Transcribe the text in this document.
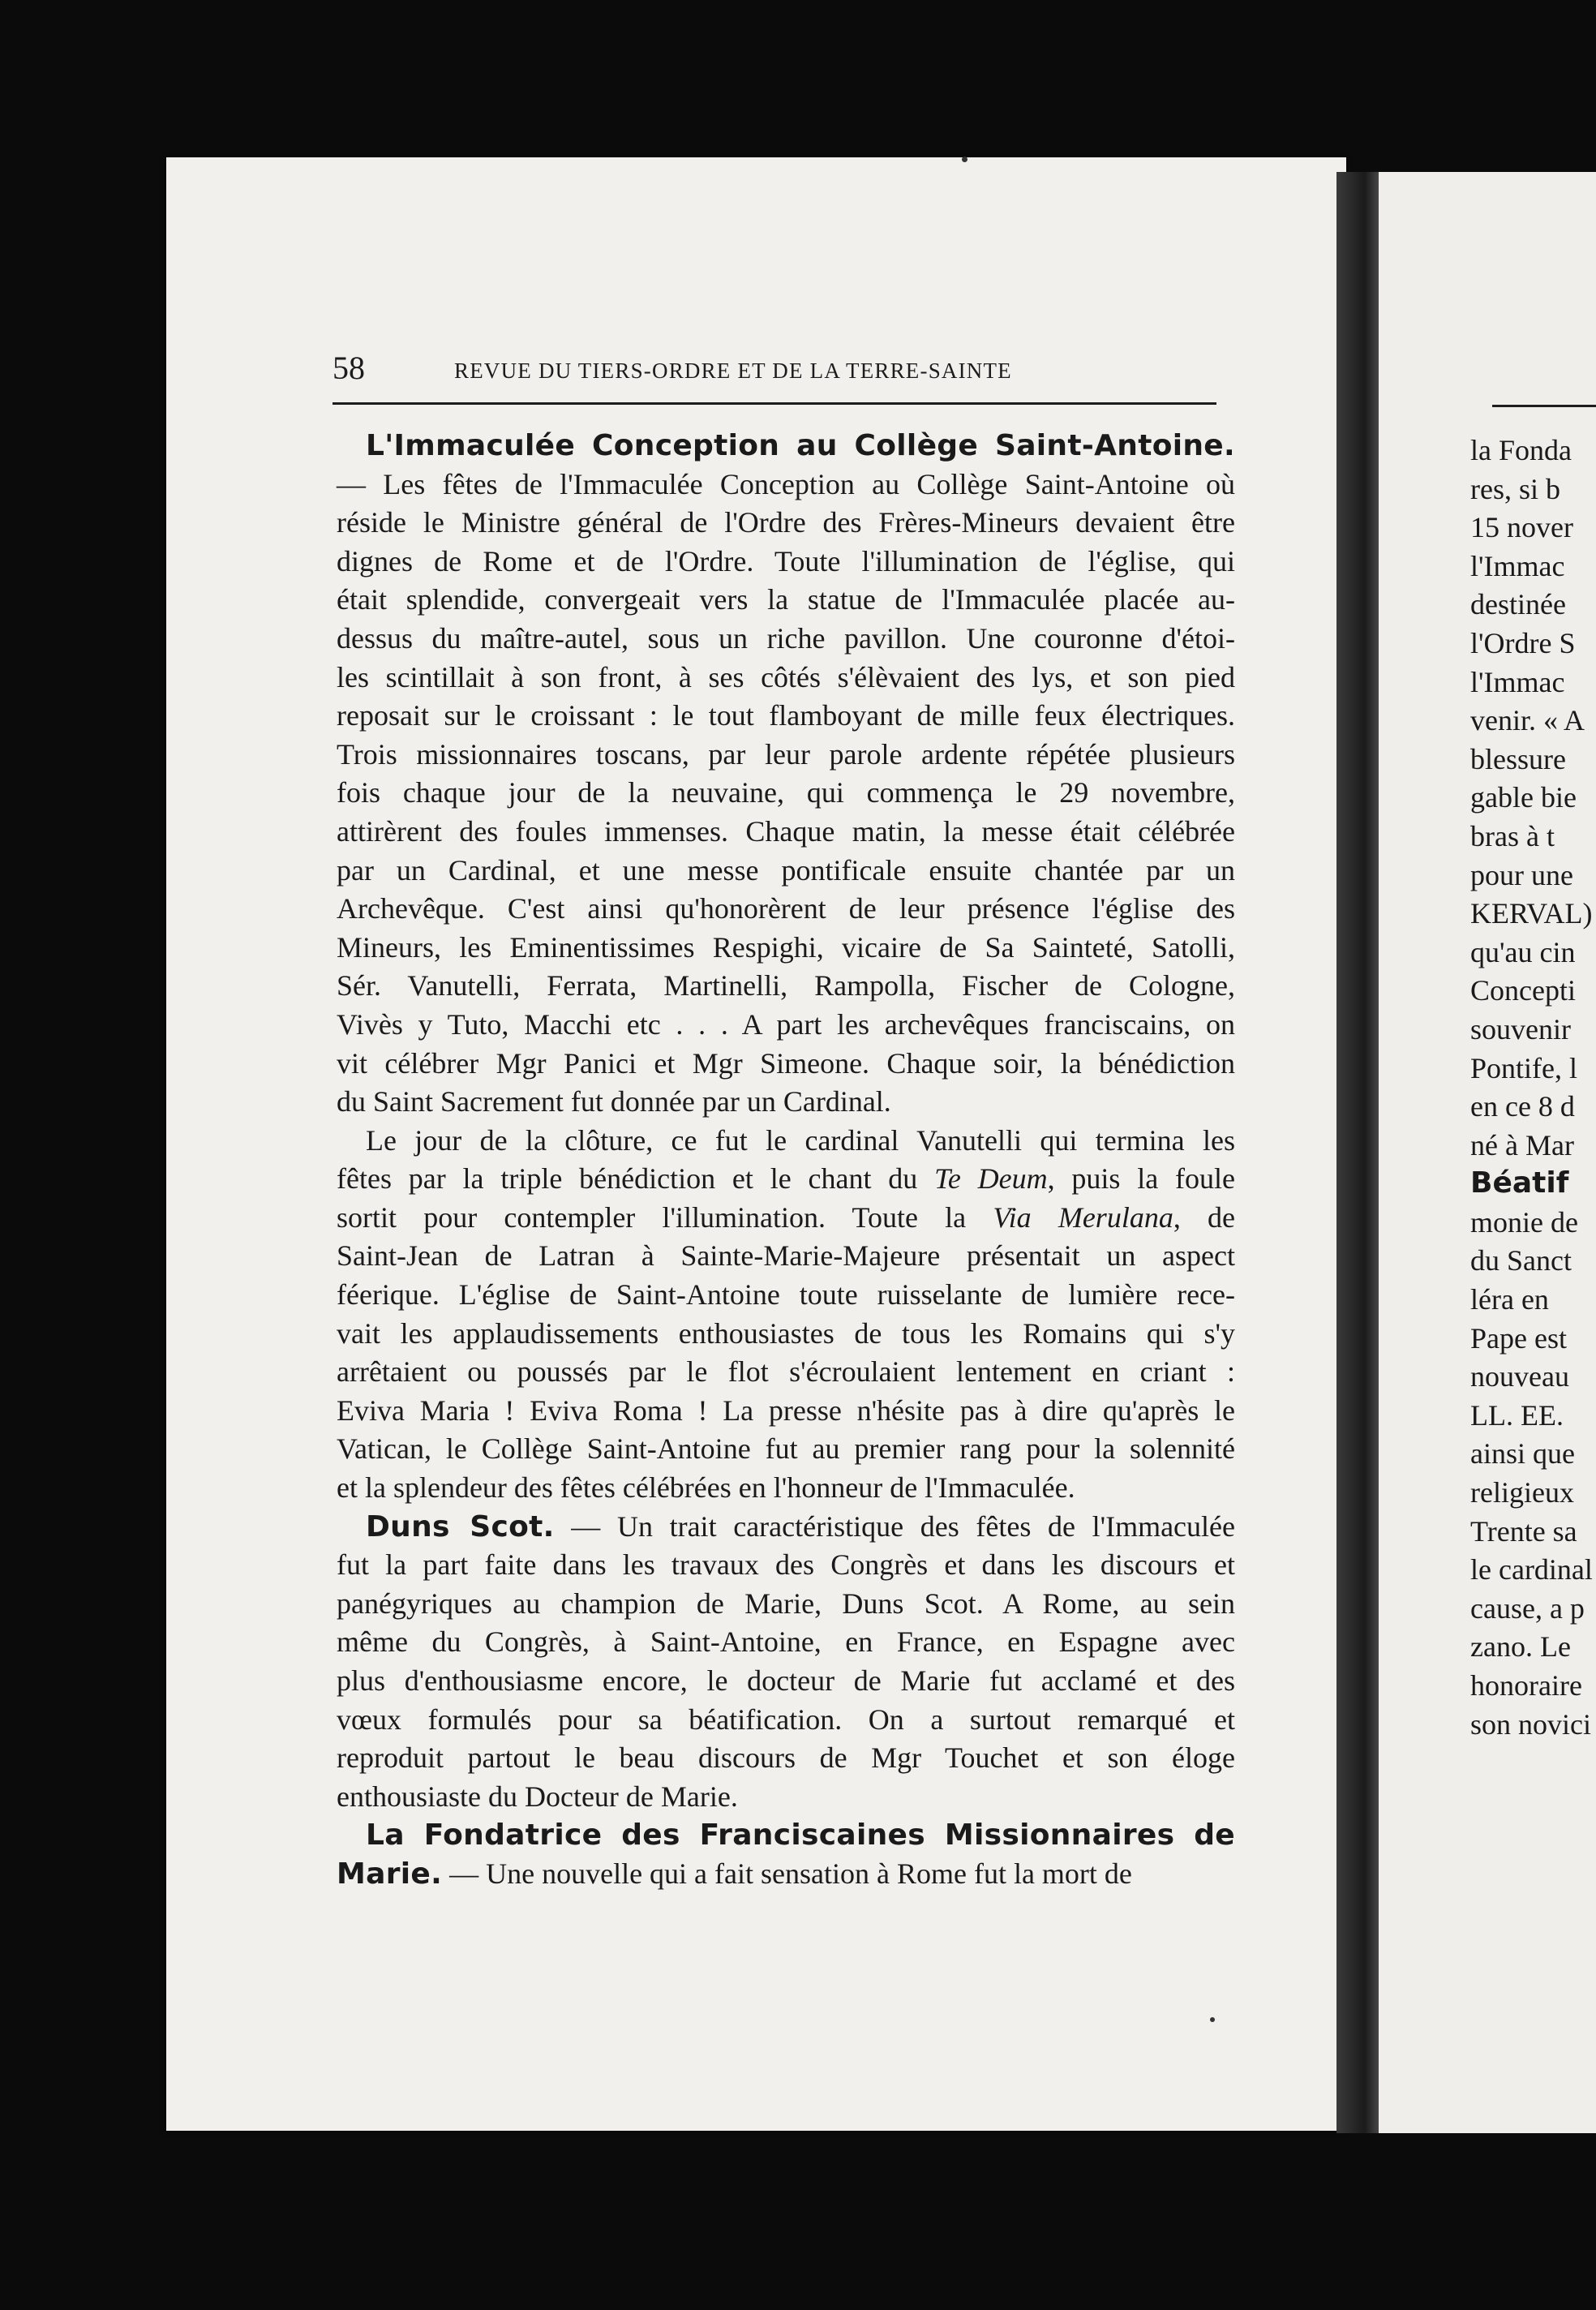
la Fonda
res, si b
15 nover
l'Immac
destinée
l'Ordre S
l'Immac
venir. « A
blessure
gable bie
bras à t
pour une
KERVAL)
qu'au cin
Concepti
souvenir
Pontife, l
en ce 8 d
né à Mar
Béatif
monie de
du Sanct
léra en
Pape est
nouveau
LL. EE.
ainsi que
religieux
Trente sa
le cardinal
cause, a p
zano. Le
honoraire
son novici
58	REVUE DU TIERS-ORDRE ET DE LA TERRE-SAINTE
L'Immaculée Conception au Collège Saint-Antoine.
— Les fêtes de l'Immaculée Conception au Collège Saint-Antoine où
réside le Ministre général de l'Ordre des Frères-Mineurs devaient être
dignes de Rome et de l'Ordre. Toute l'illumination de l'église, qui
était splendide, convergeait vers la statue de l'Immaculée placée au-
dessus du maître-autel, sous un riche pavillon. Une couronne d'étoi-
les scintillait à son front, à ses côtés s'élèvaient des lys, et son pied
reposait sur le croissant : le tout flamboyant de mille feux électriques.
Trois missionnaires toscans, par leur parole ardente répétée plusieurs
fois chaque jour de la neuvaine, qui commença le 29 novembre,
attirèrent des foules immenses. Chaque matin, la messe était célébrée
par un Cardinal, et une messe pontificale ensuite chantée par un
Archevêque. C'est ainsi qu'honorèrent de leur présence l'église des
Mineurs, les Eminentissimes Respighi, vicaire de Sa Sainteté, Satolli,
Sér. Vanutelli, Ferrata, Martinelli, Rampolla, Fischer de Cologne,
Vivès y Tuto, Macchi etc . . . A part les archevêques franciscains, on
vit célébrer Mgr Panici et Mgr Simeone. Chaque soir, la bénédiction
du Saint Sacrement fut donnée par un Cardinal.
Le jour de la clôture, ce fut le cardinal Vanutelli qui termina les
fêtes par la triple bénédiction et le chant du Te Deum, puis la foule
sortit pour contempler l'illumination. Toute la Via Merulana, de
Saint-Jean de Latran à Sainte-Marie-Majeure présentait un aspect
féerique. L'église de Saint-Antoine toute ruisselante de lumière rece-
vait les applaudissements enthousiastes de tous les Romains qui s'y
arrêtaient ou poussés par le flot s'écroulaient lentement en criant :
Eviva Maria ! Eviva Roma ! La presse n'hésite pas à dire qu'après le
Vatican, le Collège Saint-Antoine fut au premier rang pour la solennité
et la splendeur des fêtes célébrées en l'honneur de l'Immaculée.
Duns Scot. — Un trait caractéristique des fêtes de l'Immaculée
fut la part faite dans les travaux des Congrès et dans les discours et
panégyriques au champion de Marie, Duns Scot. A Rome, au sein
même du Congrès, à Saint-Antoine, en France, en Espagne avec
plus d'enthousiasme encore, le docteur de Marie fut acclamé et des
vœux formulés pour sa béatification. On a surtout remarqué et
reproduit partout le beau discours de Mgr Touchet et son éloge
enthousiaste du Docteur de Marie.
La Fondatrice des Franciscaines Missionnaires de
Marie. — Une nouvelle qui a fait sensation à Rome fut la mort de
